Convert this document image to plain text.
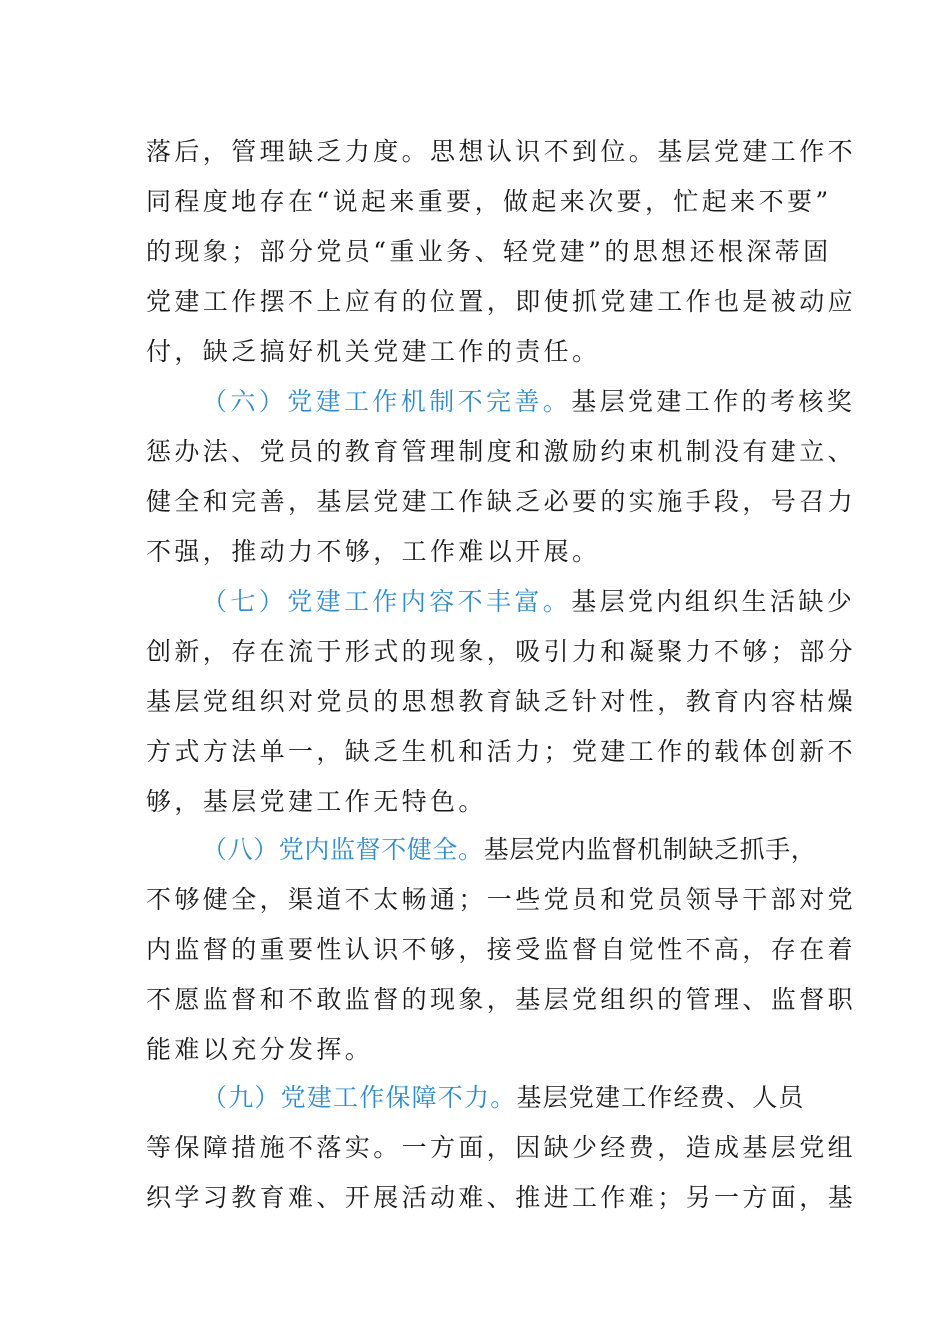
落后，管理缺乏力度。思想认识不到位。基层党建工作不
同程度地存在“说起来重要，做起来次要，忙起来不要”
的现象；部分党员“重业务、轻党建”的思想还根深蒂固
党建工作摆不上应有的位置，即使抓党建工作也是被动应
付，缺乏搞好机关党建工作的责任。
（六）党建工作机制不完善。基层党建工作的考核奖
惩办法、党员的教育管理制度和激励约束机制没有建立、
健全和完善，基层党建工作缺乏必要的实施手段，号召力
不强，推动力不够，工作难以开展。
（七）党建工作内容不丰富。基层党内组织生活缺少
创新，存在流于形式的现象，吸引力和凝聚力不够；部分
基层党组织对党员的思想教育缺乏针对性，教育内容枯燥
方式方法单一，缺乏生机和活力；党建工作的载体创新不
够，基层党建工作无特色。
（八）党内监督不健全。基层党内监督机制缺乏抓手，
不够健全，渠道不太畅通；一些党员和党员领导干部对党
内监督的重要性认识不够，接受监督自觉性不高，存在着
不愿监督和不敢监督的现象，基层党组织的管理、监督职
能难以充分发挥。
（九）党建工作保障不力。基层党建工作经费、人员
等保障措施不落实。一方面，因缺少经费，造成基层党组
织学习教育难、开展活动难、推进工作难；另一方面，基
